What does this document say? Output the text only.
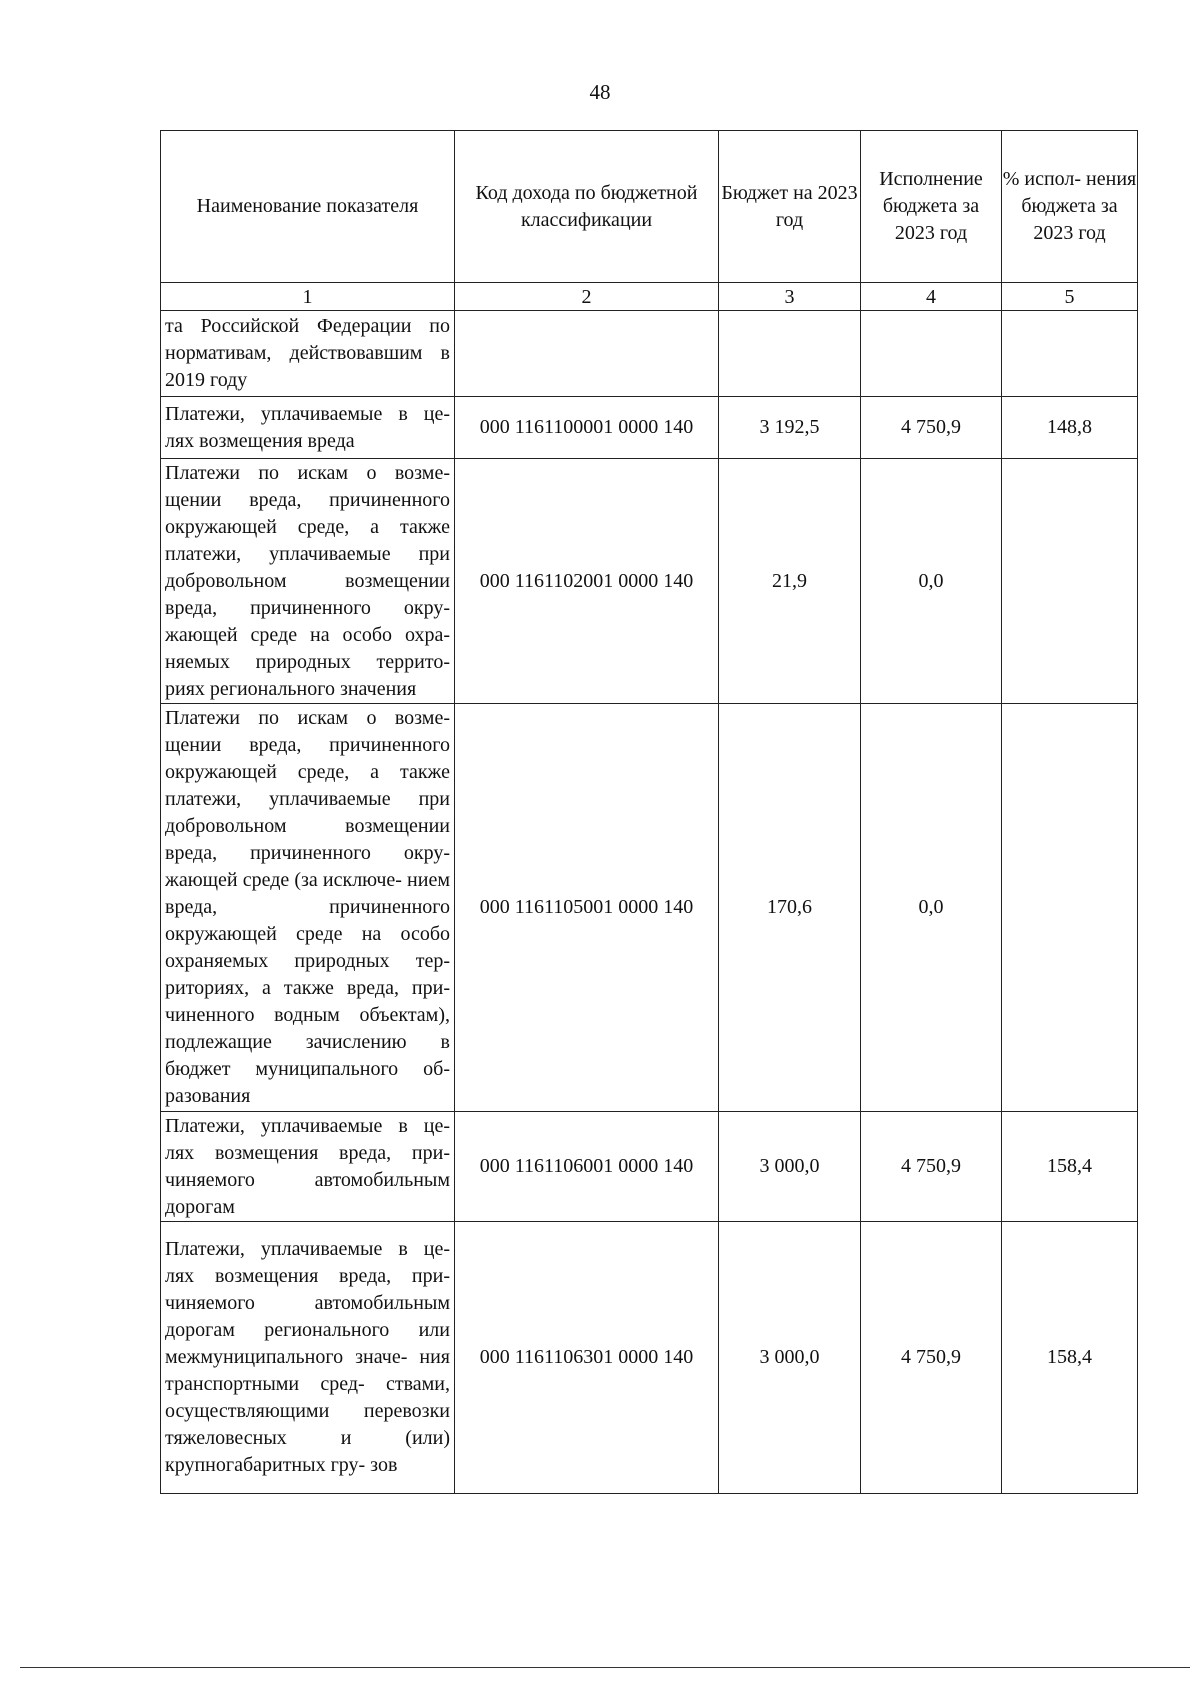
48
Наименование показателя	Код дохода по бюджетной классификации	Бюджет на 2023 год	Исполнение бюджета за 2023 год	% испол- нения бюджета за 2023 год
1	2	3	4	5
та Российской Федерации по нормативам, действовавшим в 2019 году				
Платежи, уплачиваемые в це- лях возмещения вреда	000 1161100001 0000 140	3 192,5	4 750,9	148,8
Платежи по искам о возме- щении вреда, причиненного окружающей среде, а также платежи, уплачиваемые при добровольном возмещении вреда, причиненного окру- жающей среде на особо охра- няемых природных террито- риях регионального значения	000 1161102001 0000 140	21,9	0,0	
Платежи по искам о возме- щении вреда, причиненного окружающей среде, а также платежи, уплачиваемые при добровольном возмещении вреда, причиненного окру- жающей среде (за исключе- нием вреда, причиненного окружающей среде на особо охраняемых природных тер- риториях, а также вреда, при- чиненного водным объектам), подлежащие зачислению в бюджет муниципального об- разования	000 1161105001 0000 140	170,6	0,0	
Платежи, уплачиваемые в це- лях возмещения вреда, при- чиняемого автомобильным дорогам	000 1161106001 0000 140	3 000,0	4 750,9	158,4
Платежи, уплачиваемые в це- лях возмещения вреда, при- чиняемого автомобильным дорогам регионального или межмуниципального значе- ния транспортными сред- ствами, осуществляющими перевозки тяжеловесных и (или) крупногабаритных гру- зов	000 1161106301 0000 140	3 000,0	4 750,9	158,4
